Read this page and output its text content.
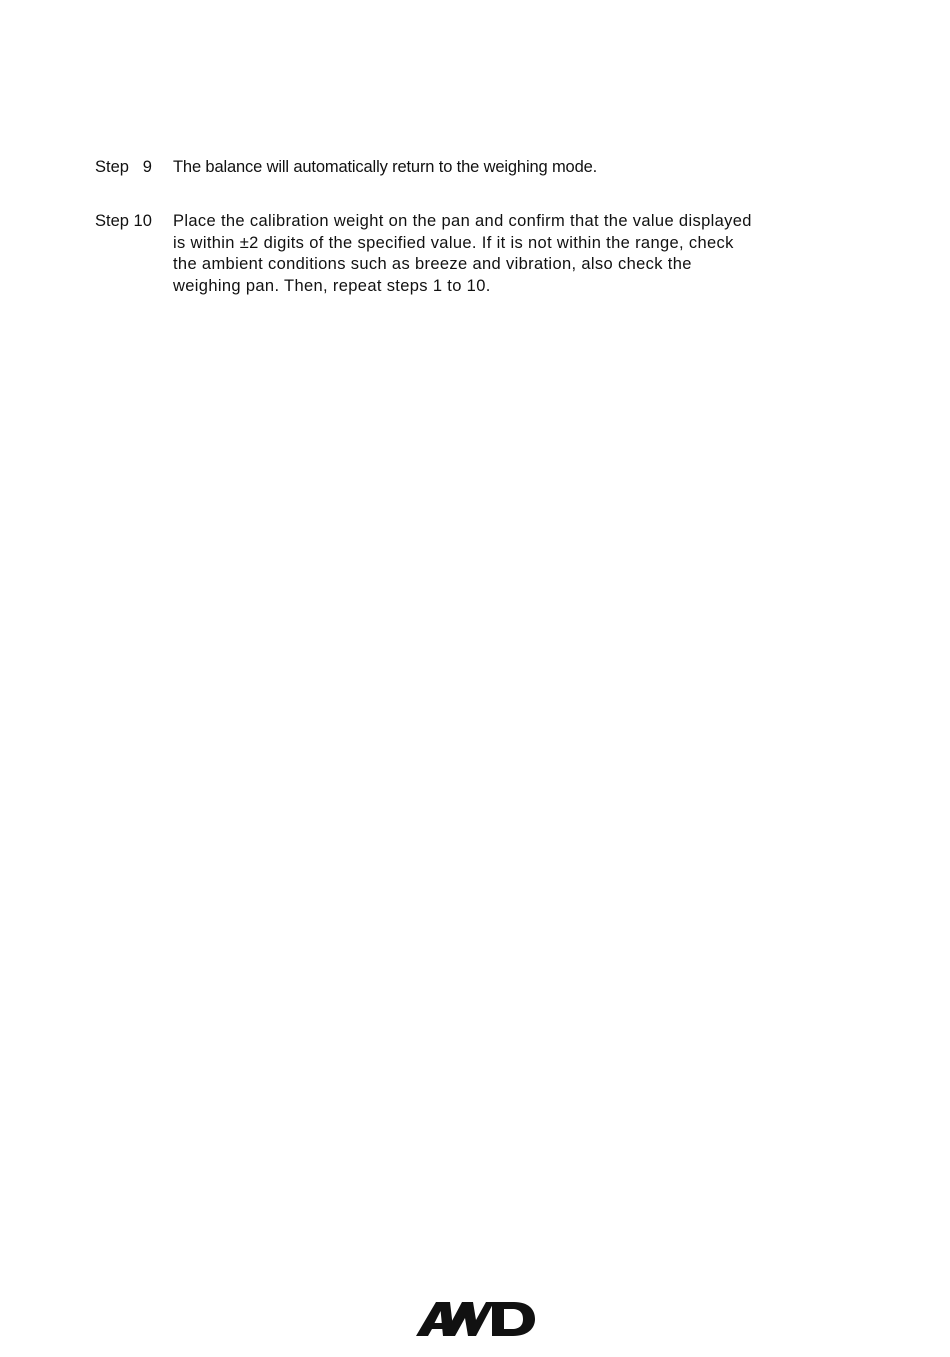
Step 9 The balance will automatically return to the weighing mode.
Step 10 Place the calibration weight on the pan and confirm that the value displayed
is within ±2 digits of the specified value. If it is not within the range, check
the ambient conditions such as breeze and vibration, also check the
weighing pan. Then, repeat steps 1 to 10.
